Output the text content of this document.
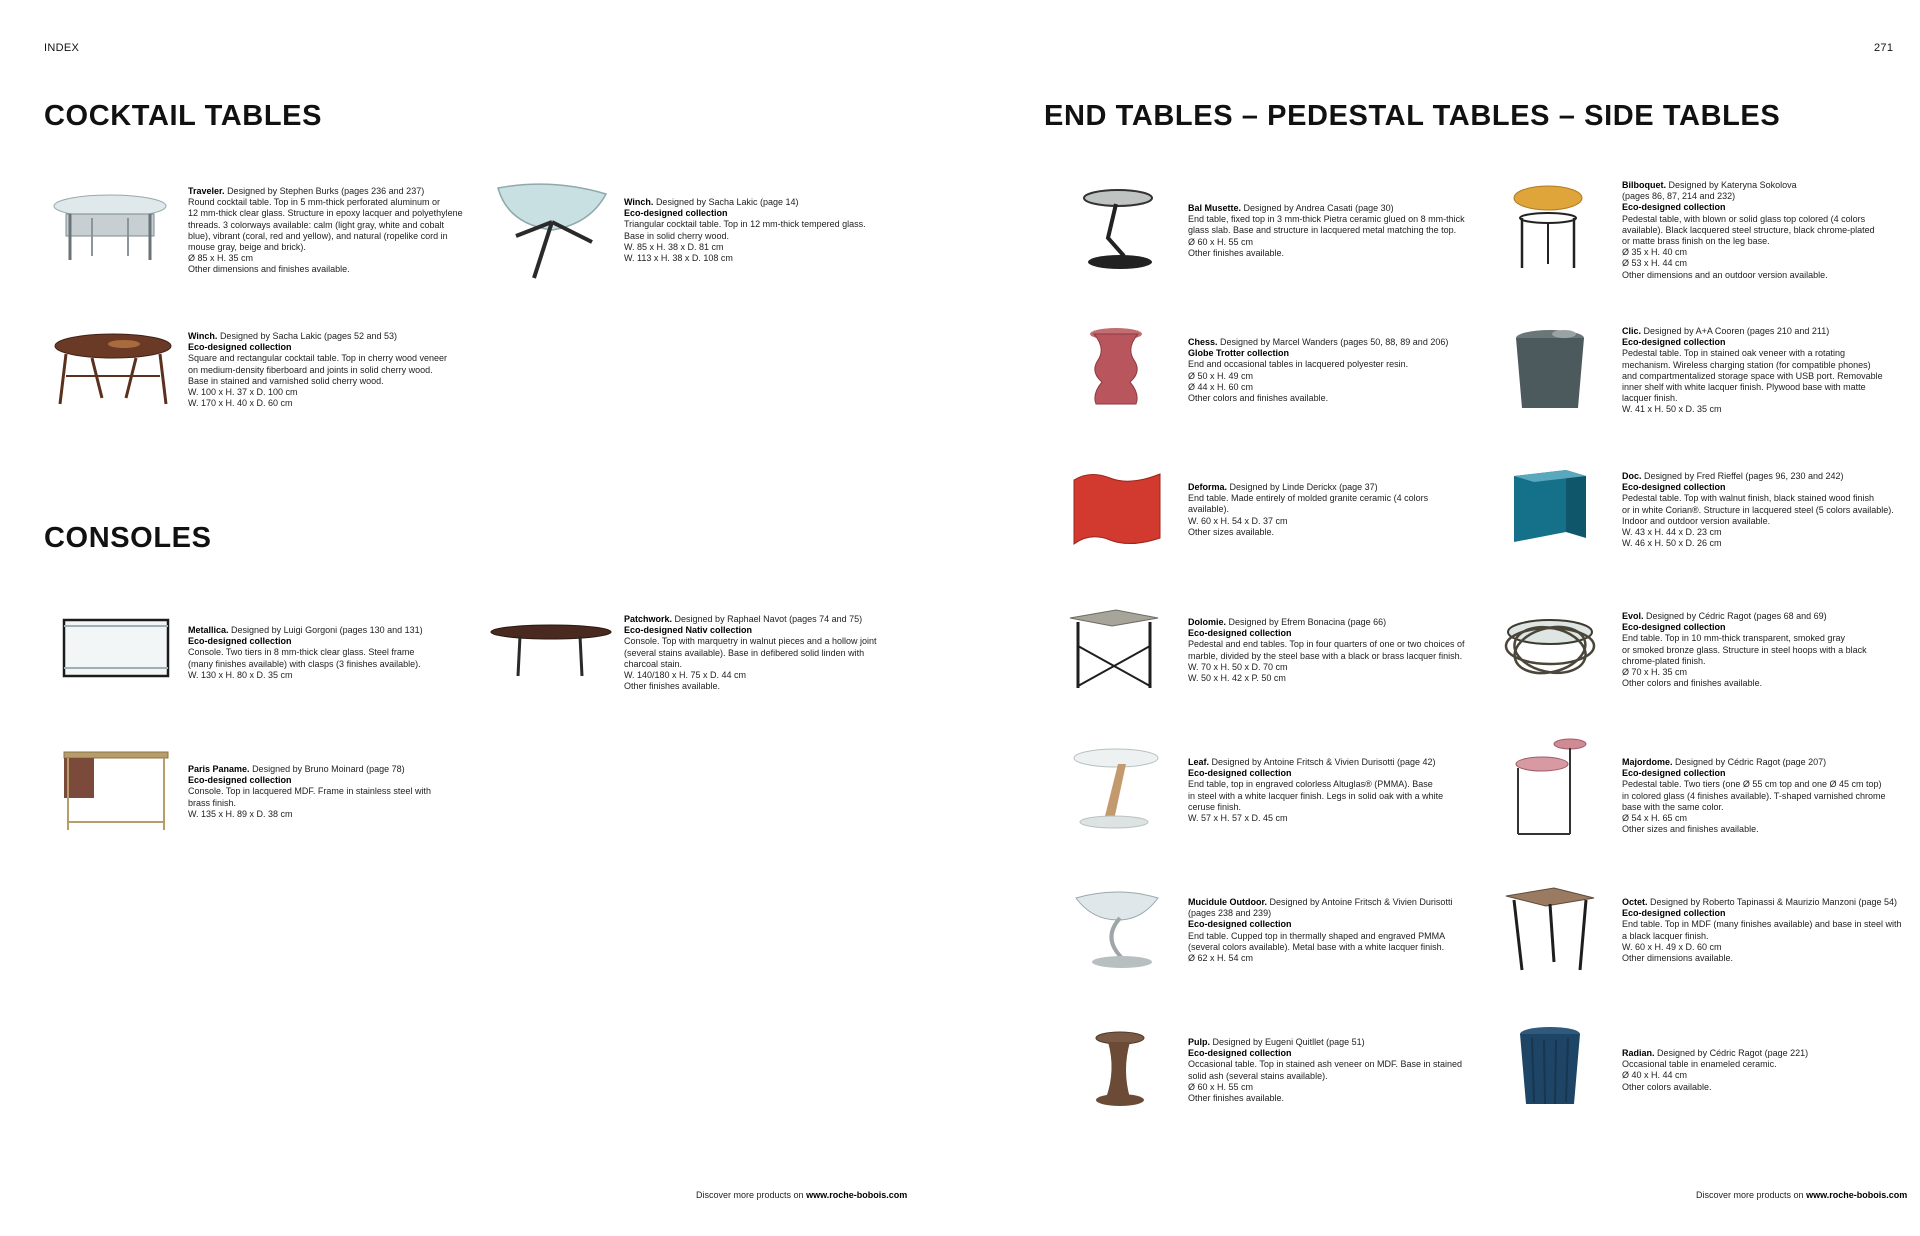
INDEX	271
COCKTAIL TABLES
CONSOLES
END TABLES – PEDESTAL TABLES – SIDE TABLES
Traveler. Designed by Stephen Burks (pages 236 and 237)
Round cocktail table. Top in 5 mm-thick perforated aluminum or
12 mm-thick clear glass. Structure in epoxy lacquer and polyethylene
threads. 3 colorways available: calm (light gray, white and cobalt
blue), vibrant (coral, red and yellow), and natural (ropelike cord in
mouse gray, beige and brick).
Ø 85 x H. 35 cm
Other dimensions and finishes available.
Winch. Designed by Sacha Lakic (page 14)
Eco-designed collection
Triangular cocktail table. Top in 12 mm-thick tempered glass.
Base in solid cherry wood.
W. 85 x H. 38 x D. 81 cm
W. 113 x H. 38 x D. 108 cm
Winch. Designed by Sacha Lakic (pages 52 and 53)
Eco-designed collection
Square and rectangular cocktail table. Top in cherry wood veneer
on medium-density fiberboard and joints in solid cherry wood.
Base in stained and varnished solid cherry wood.
W. 100 x H. 37 x D. 100 cm
W. 170 x H. 40 x D. 60 cm
Metallica. Designed by Luigi Gorgoni (pages 130 and 131)
Eco-designed collection
Console. Two tiers in 8 mm-thick clear glass. Steel frame
(many finishes available) with clasps (3 finishes available).
W. 130 x H. 80 x D. 35 cm
Patchwork. Designed by Raphael Navot (pages 74 and 75)
Eco-designed Nativ collection
Console. Top with marquetry in walnut pieces and a hollow joint
(several stains available). Base in defibered solid linden with
charcoal stain.
W. 140/180 x H. 75 x D. 44 cm
Other finishes available.
Paris Paname. Designed by Bruno Moinard (page 78)
Eco-designed collection
Console. Top in lacquered MDF. Frame in stainless steel with
brass finish.
W. 135 x H. 89 x D. 38 cm
Discover more products on www.roche-bobois.com
Bal Musette. Designed by Andrea Casati (page 30)
End table, fixed top in 3 mm-thick Pietra ceramic glued on 8 mm-thick
glass slab. Base and structure in lacquered metal matching the top.
Ø 60 x H. 55 cm
Other finishes available.
Bilboquet. Designed by Kateryna Sokolova
(pages 86, 87, 214 and 232)
Eco-designed collection
Pedestal table, with blown or solid glass top colored (4 colors
available). Black lacquered steel structure, black chrome-plated
or matte brass finish on the leg base.
Ø 35 x H. 40 cm
Ø 53 x H. 44 cm
Other dimensions and an outdoor version available.
Chess. Designed by Marcel Wanders (pages 50, 88, 89 and 206)
Globe Trotter collection
End and occasional tables in lacquered polyester resin.
Ø 50 x H. 49 cm
Ø 44 x H. 60 cm
Other colors and finishes available.
Clic. Designed by A+A Cooren (pages 210 and 211)
Eco-designed collection
Pedestal table. Top in stained oak veneer with a rotating
mechanism. Wireless charging station (for compatible phones)
and compartmentalized storage space with USB port. Removable
inner shelf with white lacquer finish. Plywood base with matte
lacquer finish.
W. 41 x H. 50 x D. 35 cm
Deforma. Designed by Linde Derickx (page 37)
End table. Made entirely of molded granite ceramic (4 colors
available).
W. 60 x H. 54 x D. 37 cm
Other sizes available.
Doc. Designed by Fred Rieffel (pages 96, 230 and 242)
Eco-designed collection
Pedestal table. Top with walnut finish, black stained wood finish
or in white Corian®. Structure in lacquered steel (5 colors available).
Indoor and outdoor version available.
W. 43 x H. 44 x D. 23 cm
W. 46 x H. 50 x D. 26 cm
Dolomie. Designed by Efrem Bonacina (page 66)
Eco-designed collection
Pedestal and end tables. Top in four quarters of one or two choices of
marble, divided by the steel base with a black or brass lacquer finish.
W. 70 x H. 50 x D. 70 cm
W. 50 x H. 42 x P. 50 cm
Evol. Designed by Cédric Ragot (pages 68 and 69)
Eco-designed collection
End table. Top in 10 mm-thick transparent, smoked gray
or smoked bronze glass. Structure in steel hoops with a black
chrome-plated finish.
Ø 70 x H. 35 cm
Other colors and finishes available.
Leaf. Designed by Antoine Fritsch & Vivien Durisotti (page 42)
Eco-designed collection
End table, top in engraved colorless Altuglas® (PMMA). Base
in steel with a white lacquer finish. Legs in solid oak with a white
ceruse finish.
W. 57 x H. 57 x D. 45 cm
Majordome. Designed by Cédric Ragot (page 207)
Eco-designed collection
Pedestal table. Two tiers (one Ø 55 cm top and one Ø 45 cm top)
in colored glass (4 finishes available). T-shaped varnished chrome
base with the same color.
Ø 54 x H. 65 cm
Other sizes and finishes available.
Mucidule Outdoor. Designed by Antoine Fritsch & Vivien Durisotti
(pages 238 and 239)
Eco-designed collection
End table. Cupped top in thermally shaped and engraved PMMA
(several colors available). Metal base with a white lacquer finish.
Ø 62 x H. 54 cm
Octet. Designed by Roberto Tapinassi & Maurizio Manzoni (page 54)
Eco-designed collection
End table. Top in MDF (many finishes available) and base in steel with
a black lacquer finish.
W. 60 x H. 49 x D. 60 cm
Other dimensions available.
Pulp. Designed by Eugeni Quitllet (page 51)
Eco-designed collection
Occasional table. Top in stained ash veneer on MDF. Base in stained
solid ash (several stains available).
Ø 60 x H. 55 cm
Other finishes available.
Radian. Designed by Cédric Ragot (page 221)
Occasional table in enameled ceramic.
Ø 40 x H. 44 cm
Other colors available.
Discover more products on www.roche-bobois.com
